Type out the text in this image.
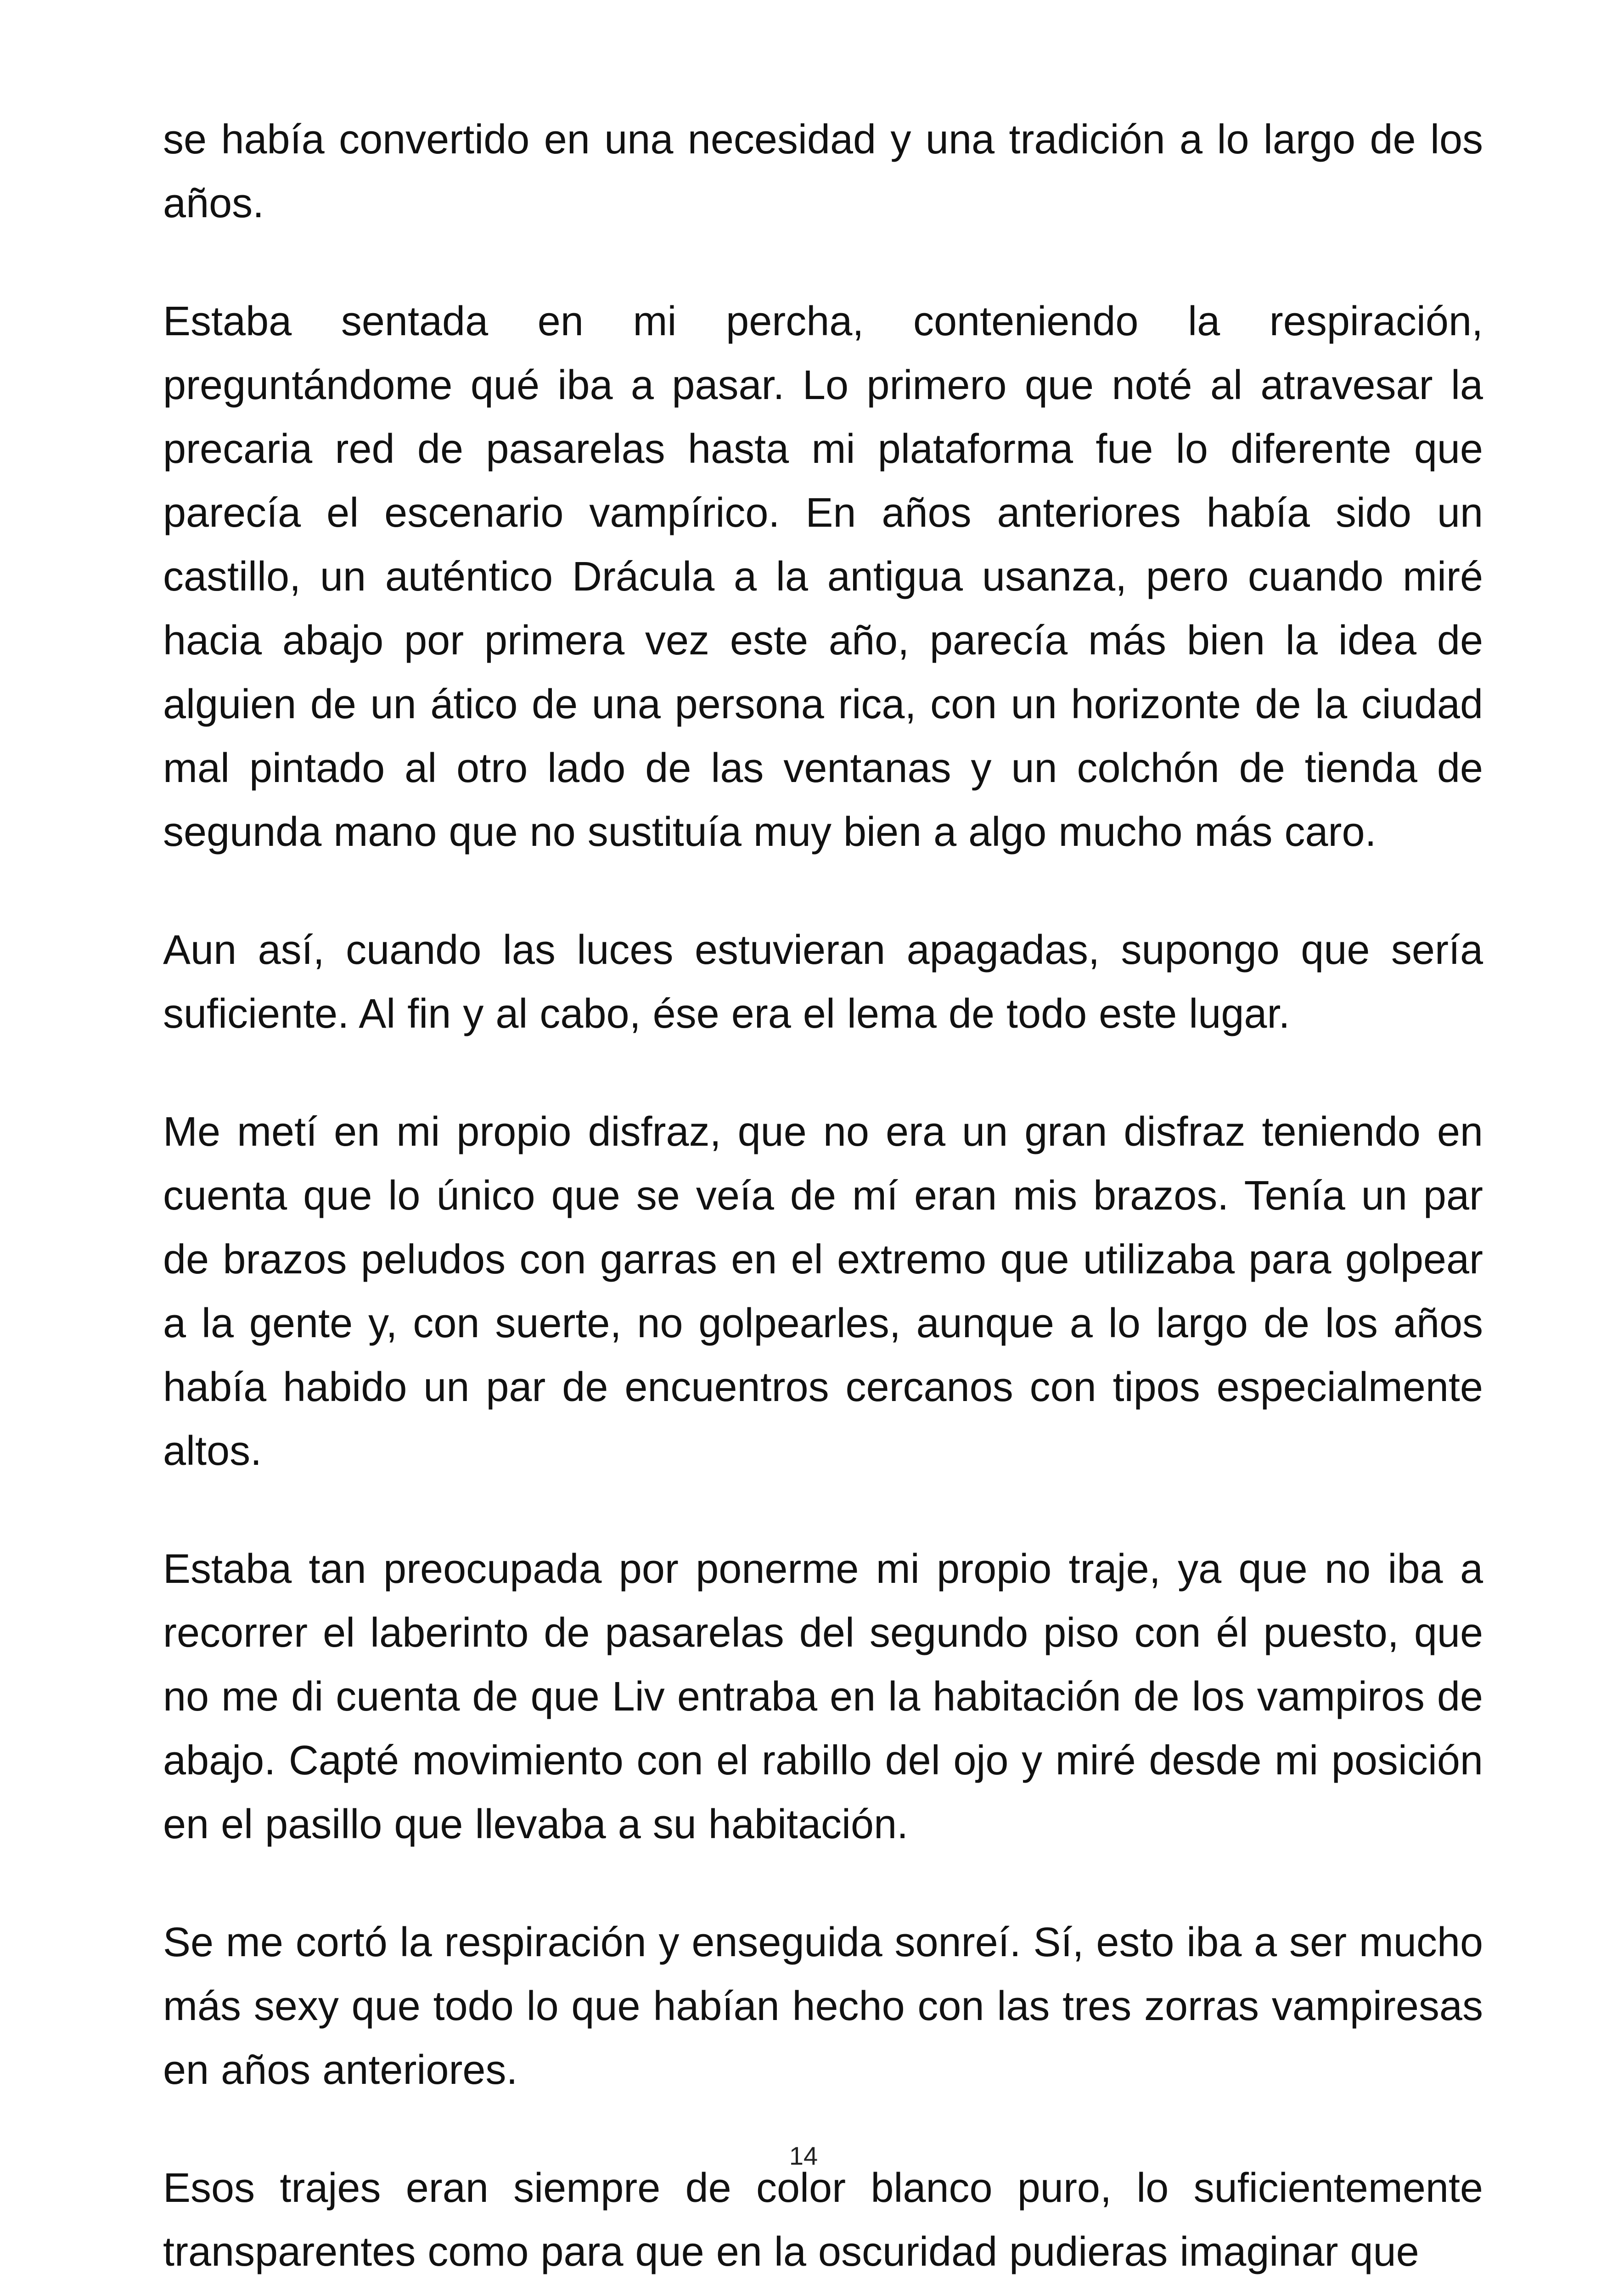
se había convertido en una necesidad y una tradición a lo largo de los años.

Estaba sentada en mi percha, conteniendo la respiración, preguntándome qué iba a pasar. Lo primero que noté al atravesar la precaria red de pasarelas hasta mi plataforma fue lo diferente que parecía el escenario vampírico. En años anteriores había sido un castillo, un auténtico Drácula a la antigua usanza, pero cuando miré hacia abajo por primera vez este año, parecía más bien la idea de alguien de un ático de una persona rica, con un horizonte de la ciudad mal pintado al otro lado de las ventanas y un colchón de tienda de segunda mano que no sustituía muy bien a algo mucho más caro.

Aun así, cuando las luces estuvieran apagadas, supongo que sería suficiente. Al fin y al cabo, ése era el lema de todo este lugar.

Me metí en mi propio disfraz, que no era un gran disfraz teniendo en cuenta que lo único que se veía de mí eran mis brazos. Tenía un par de brazos peludos con garras en el extremo que utilizaba para golpear a la gente y, con suerte, no golpearles, aunque a lo largo de los años había habido un par de encuentros cercanos con tipos especialmente altos.

Estaba tan preocupada por ponerme mi propio traje, ya que no iba a recorrer el laberinto de pasarelas del segundo piso con él puesto, que no me di cuenta de que Liv entraba en la habitación de los vampiros de abajo. Capté movimiento con el rabillo del ojo y miré desde mi posición en el pasillo que llevaba a su habitación.

Se me cortó la respiración y enseguida sonreí. Sí, esto iba a ser mucho más sexy que todo lo que habían hecho con las tres zorras vampiresas en años anteriores.

Esos trajes eran siempre de color blanco puro, lo suficientemente transparentes como para que en la oscuridad pudieras imaginar que

14
